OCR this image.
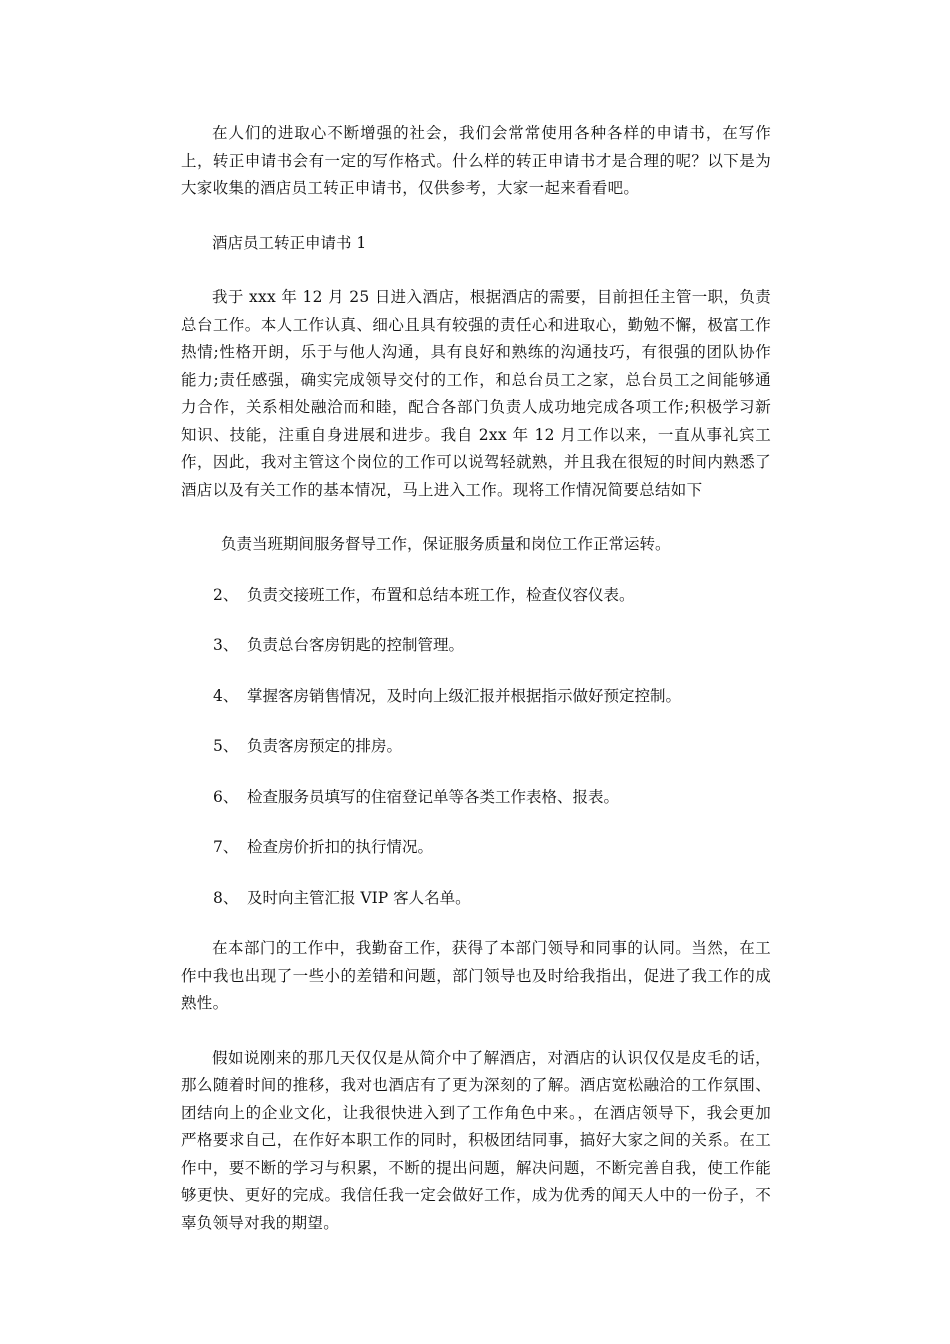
在人们的进取心不断增强的社会，我们会常常使用各种各样的申请书，在写作上，转正申请书会有一定的写作格式。什么样的转正申请书才是合理的呢？以下是为大家收集的酒店员工转正申请书，仅供参考，大家一起来看看吧。

酒店员工转正申请书 1

我于 xxx 年 12 月 25 日进入酒店，根据酒店的需要，目前担任主管一职，负责总台工作。本人工作认真、细心且具有较强的责任心和进取心，勤勉不懈，极富工作热情;性格开朗，乐于与他人沟通，具有良好和熟练的沟通技巧，有很强的团队协作能力;责任感强，确实完成领导交付的工作，和总台员工之家，总台员工之间能够通力合作，关系相处融洽而和睦，配合各部门负责人成功地完成各项工作;积极学习新知识、技能，注重自身进展和进步。我自 2xx 年 12 月工作以来，一直从事礼宾工作，因此，我对主管这个岗位的工作可以说驾轻就熟，并且我在很短的时间内熟悉了酒店以及有关工作的基本情况，马上进入工作。现将工作情况简要总结如下

负责当班期间服务督导工作，保证服务质量和岗位工作正常运转。

2、 负责交接班工作，布置和总结本班工作，检查仪容仪表。

3、 负责总台客房钥匙的控制管理。

4、 掌握客房销售情况，及时向上级汇报并根据指示做好预定控制。

5、 负责客房预定的排房。

6、 检查服务员填写的住宿登记单等各类工作表格、报表。

7、 检查房价折扣的执行情况。

8、 及时向主管汇报 VIP 客人名单。

在本部门的工作中，我勤奋工作，获得了本部门领导和同事的认同。当然，在工作中我也出现了一些小的差错和问题，部门领导也及时给我指出，促进了我工作的成熟性。

假如说刚来的那几天仅仅是从简介中了解酒店，对酒店的认识仅仅是皮毛的话，那么随着时间的推移，我对也酒店有了更为深刻的了解。酒店宽松融洽的工作氛围、团结向上的企业文化，让我很快进入到了工作角色中来。，在酒店领导下，我会更加严格要求自己，在作好本职工作的同时，积极团结同事，搞好大家之间的关系。在工作中，要不断的学习与积累，不断的提出问题，解决问题，不断完善自我，使工作能够更快、更好的完成。我信任我一定会做好工作，成为优秀的闻天人中的一份子，不辜负领导对我的期望。
